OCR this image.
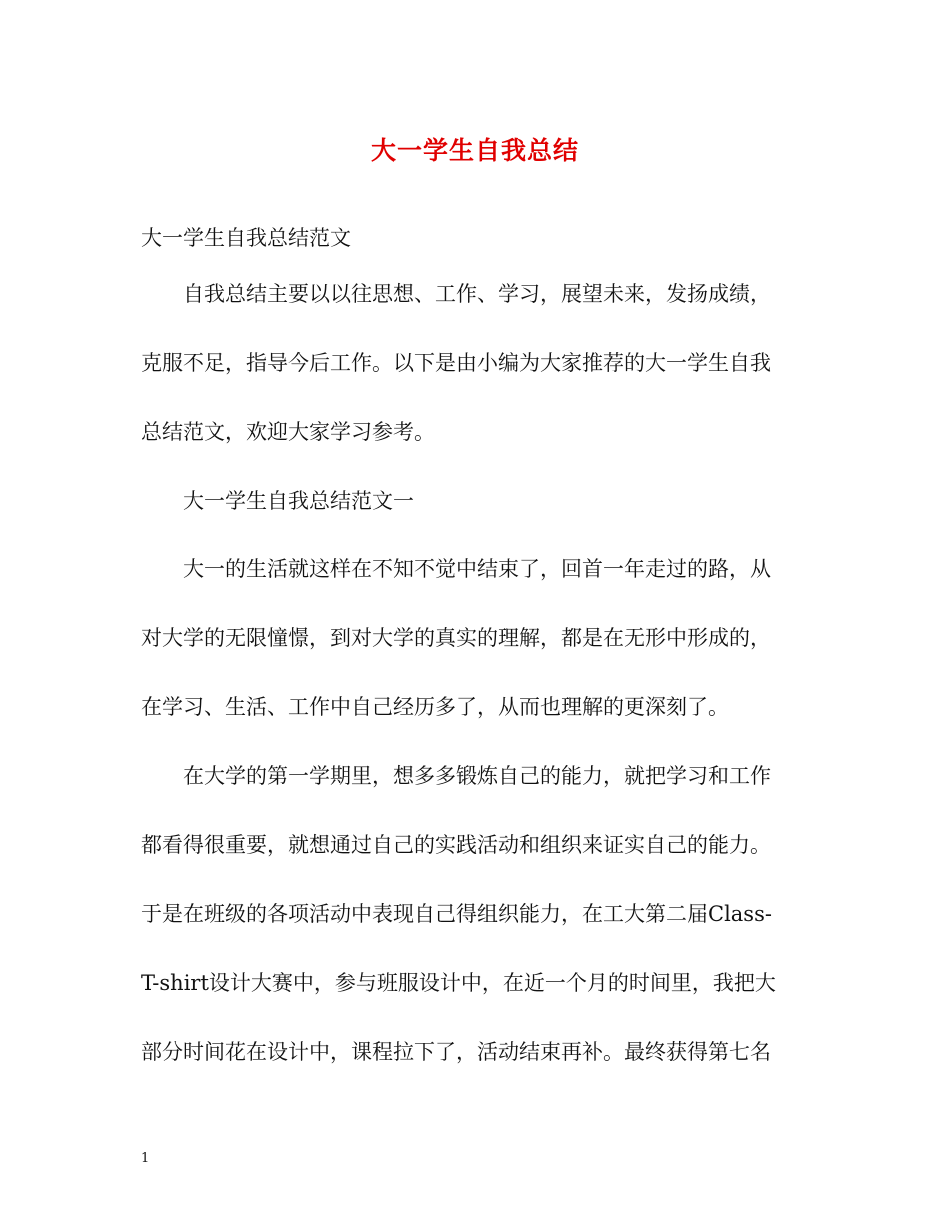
大一学生自我总结

大一学生自我总结范文

自我总结主要以以往思想、工作、学习，展望未来，发扬成绩，
克服不足，指导今后工作。以下是由小编为大家推荐的大一学生自我
总结范文，欢迎大家学习参考。
大一学生自我总结范文一
大一的生活就这样在不知不觉中结束了，回首一年走过的路，从
对大学的无限憧憬，到对大学的真实的理解，都是在无形中形成的，
在学习、生活、工作中自己经历多了，从而也理解的更深刻了。
在大学的第一学期里，想多多锻炼自己的能力，就把学习和工作
都看得很重要，就想通过自己的实践活动和组织来证实自己的能力。
于是在班级的各项活动中表现自己得组织能力，在工大第二届Class-
T-shirt设计大赛中，参与班服设计中，在近一个月的时间里，我把大
部分时间花在设计中，课程拉下了，活动结束再补。最终获得第七名
1
